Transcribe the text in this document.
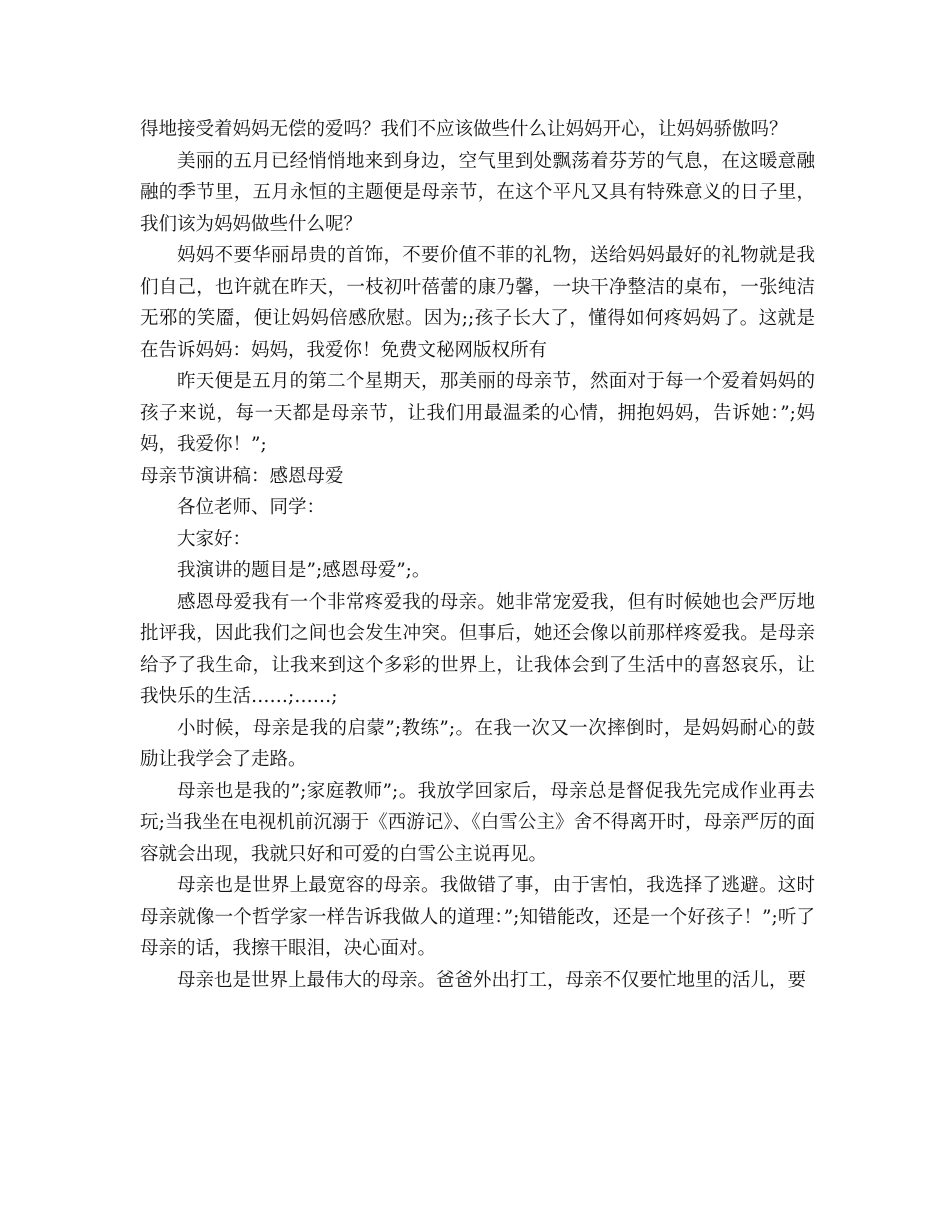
得地接受着妈妈无偿的爱吗？我们不应该做些什么让妈妈开心，让妈妈骄傲吗？

美丽的五月已经悄悄地来到身边，空气里到处飘荡着芬芳的气息，在这暖意融融的季节里，五月永恒的主题便是母亲节，在这个平凡又具有特殊意义的日子里，我们该为妈妈做些什么呢？

妈妈不要华丽昂贵的首饰，不要价值不菲的礼物，送给妈妈最好的礼物就是我们自己，也许就在昨天，一枝初叶蓓蕾的康乃馨，一块干净整洁的桌布，一张纯洁无邪的笑靥，便让妈妈倍感欣慰。因为;;孩子长大了，懂得如何疼妈妈了。这就是在告诉妈妈：妈妈，我爱你！免费文秘网版权所有

昨天便是五月的第二个星期天，那美丽的母亲节，然面对于每一个爱着妈妈的孩子来说，每一天都是母亲节，让我们用最温柔的心情，拥抱妈妈，告诉她：”;妈妈，我爱你！”;

母亲节演讲稿：感恩母爱

各位老师、同学：

大家好：

我演讲的题目是”;感恩母爱”;。

感恩母爱我有一个非常疼爱我的母亲。她非常宠爱我，但有时候她也会严厉地批评我，因此我们之间也会发生冲突。但事后，她还会像以前那样疼爱我。是母亲给予了我生命，让我来到这个多彩的世界上，让我体会到了生活中的喜怒哀乐，让我快乐的生活……;……;

小时候，母亲是我的启蒙”;教练”;。在我一次又一次摔倒时，是妈妈耐心的鼓励让我学会了走路。

母亲也是我的”;家庭教师”;。我放学回家后，母亲总是督促我先完成作业再去玩;当我坐在电视机前沉溺于《西游记》、《白雪公主》舍不得离开时，母亲严厉的面容就会出现，我就只好和可爱的白雪公主说再见。

母亲也是世界上最宽容的母亲。我做错了事，由于害怕，我选择了逃避。这时母亲就像一个哲学家一样告诉我做人的道理：”;知错能改，还是一个好孩子！”;听了母亲的话，我擦干眼泪，决心面对。

母亲也是世界上最伟大的母亲。爸爸外出打工，母亲不仅要忙地里的活儿，要
